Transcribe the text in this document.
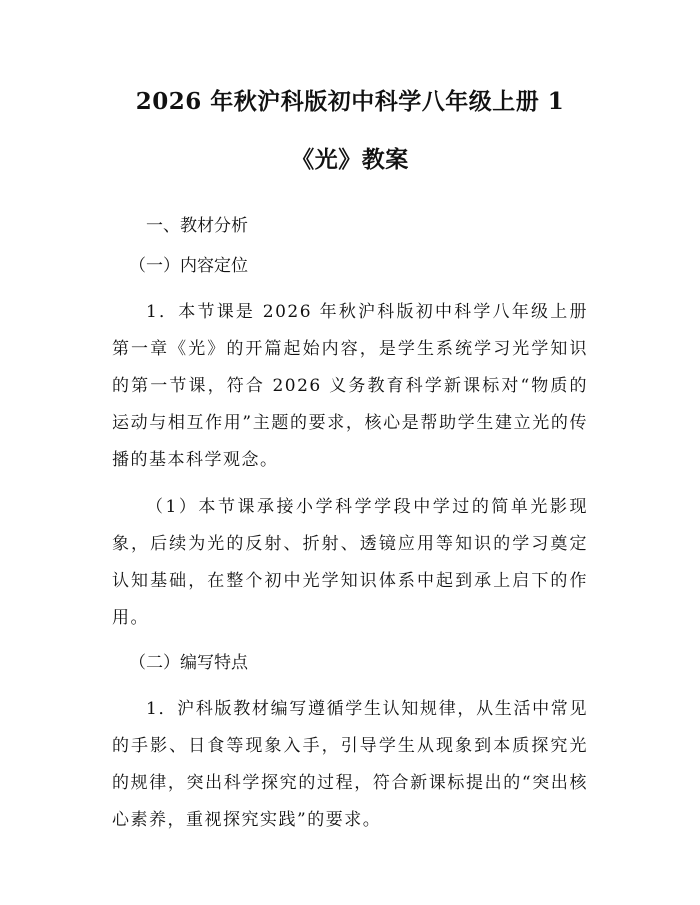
2026 年秋沪科版初中科学八年级上册 1
《光》教案
一、教材分析
（一）内容定位

1．本节课是 2026 年秋沪科版初中科学八年级上册第一章《光》的开篇起始内容，是学生系统学习光学知识的第一节课，符合 2026 义务教育科学新课标对“物质的运动与相互作用”主题的要求，核心是帮助学生建立光的传播的基本科学观念。

（1）本节课承接小学科学学段中学过的简单光影现象，后续为光的反射、折射、透镜应用等知识的学习奠定认知基础，在整个初中光学知识体系中起到承上启下的作用。

（二）编写特点

1．沪科版教材编写遵循学生认知规律，从生活中常见的手影、日食等现象入手，引导学生从现象到本质探究光的规律，突出科学探究的过程，符合新课标提出的“突出核心素养，重视探究实践”的要求。
